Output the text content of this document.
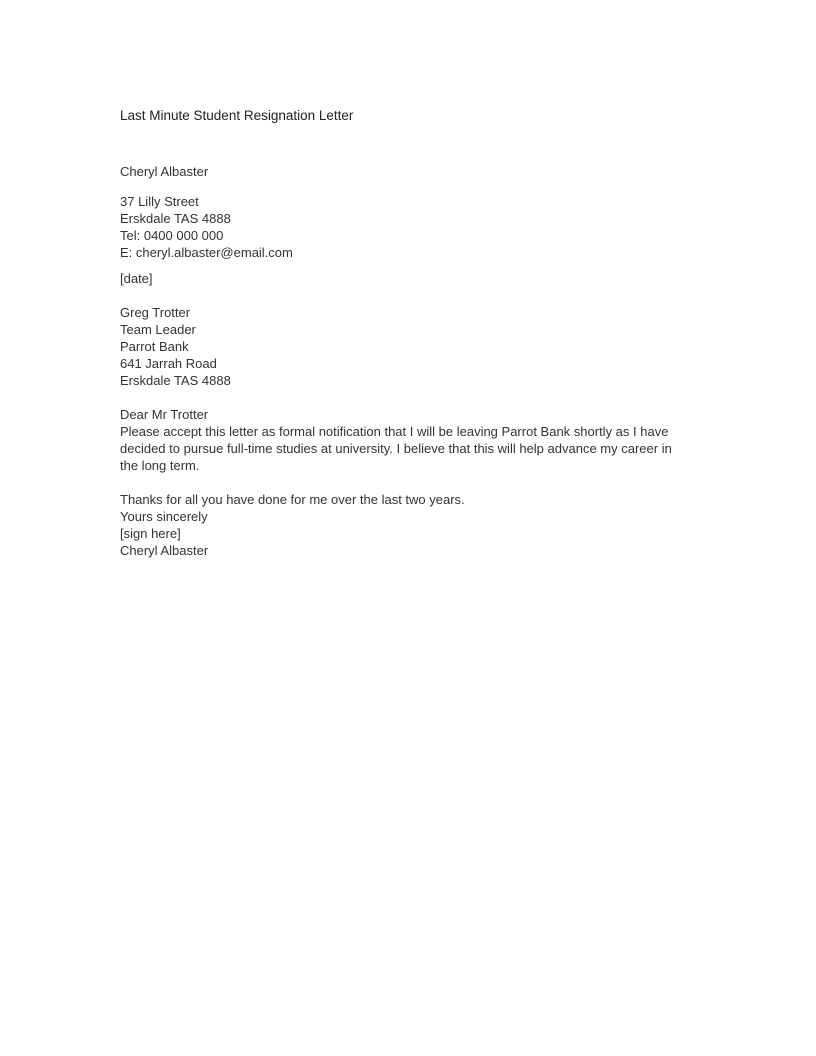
Last Minute Student Resignation Letter
Cheryl Albaster
37 Lilly Street
Erskdale TAS 4888
Tel: 0400 000 000
E: cheryl.albaster@email.com
[date]
Greg Trotter
Team Leader
Parrot Bank
641 Jarrah Road
Erskdale TAS 4888
Dear Mr Trotter
Please accept this letter as formal notification that I will be leaving Parrot Bank shortly as I have
decided to pursue full-time studies at university. I believe that this will help advance my career in
the long term.
Thanks for all you have done for me over the last two years.
Yours sincerely
[sign here]
Cheryl Albaster
